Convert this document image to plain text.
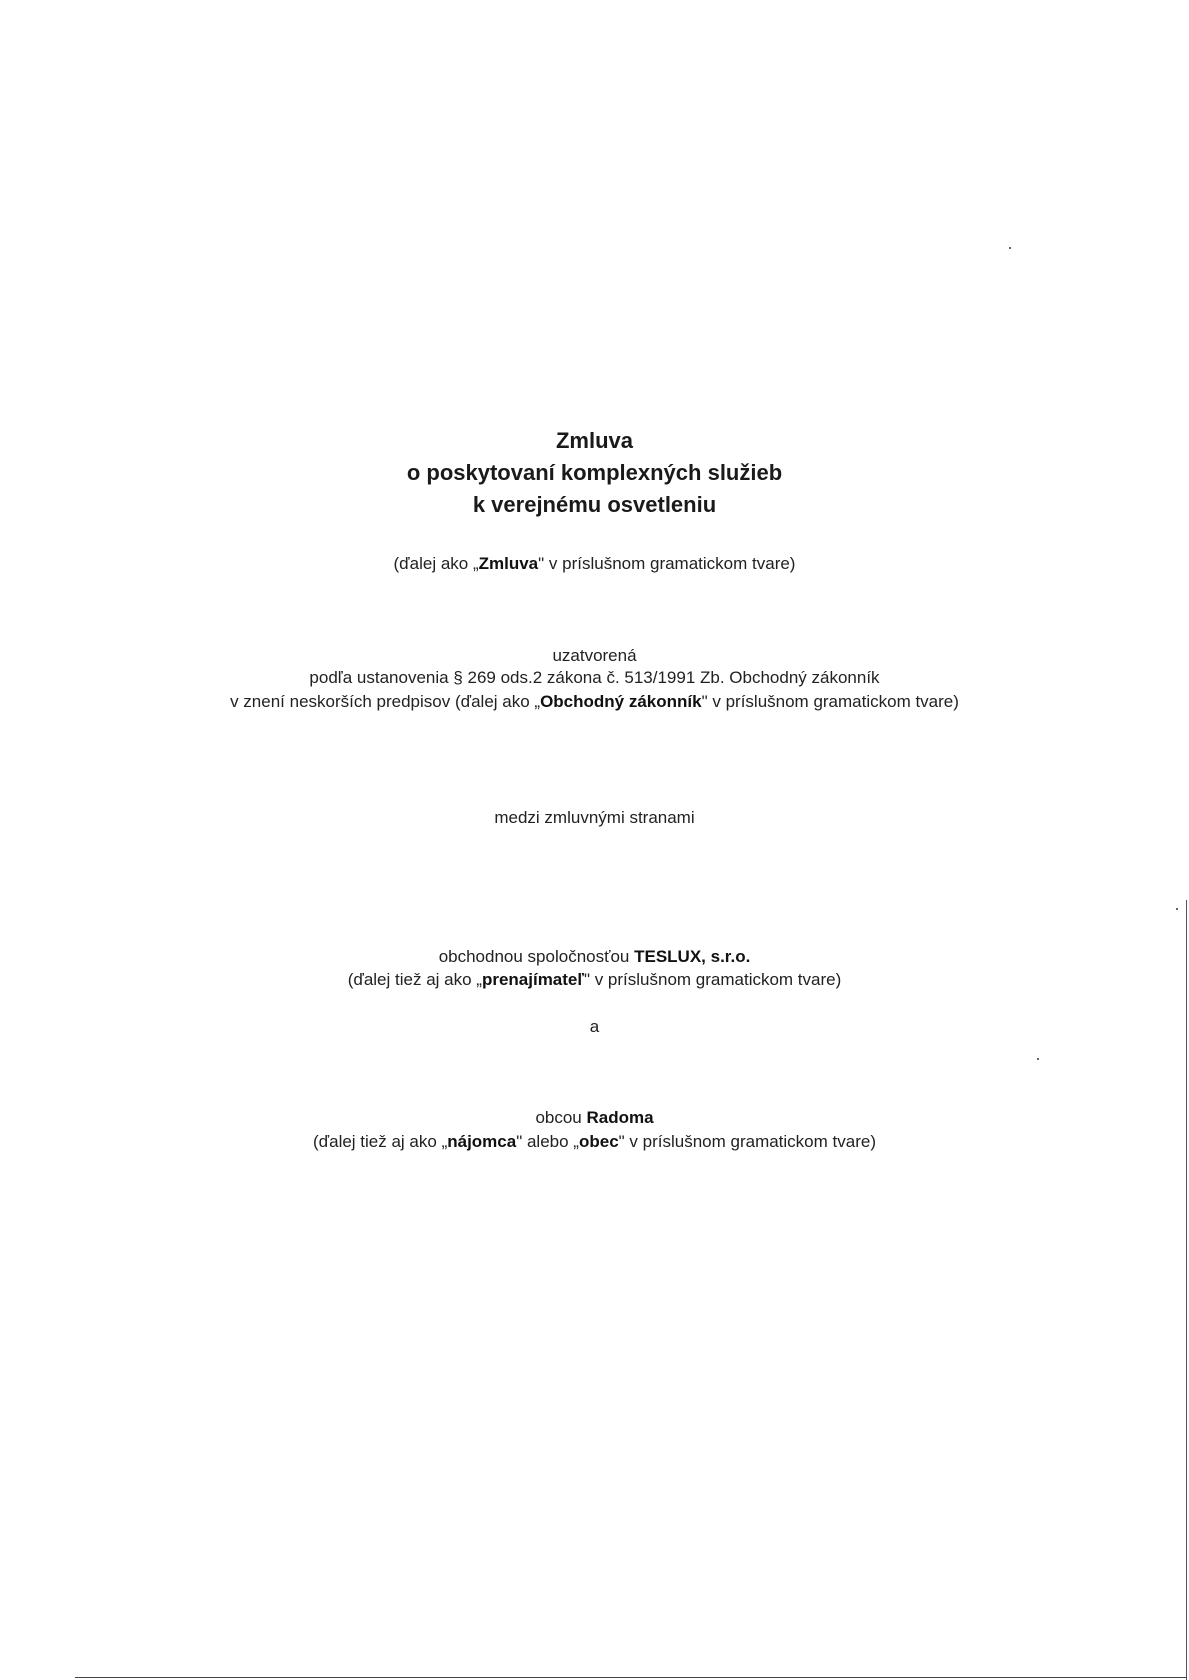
Zmluva
o poskytovaní komplexných služieb
k verejnému osvetleniu
(ďalej ako „Zmluva" v príslušnom gramatickom tvare)
uzatvorená
podľa ustanovenia § 269 ods.2 zákona č. 513/1991 Zb. Obchodný zákonník
v znení neskorších predpisov (ďalej ako „Obchodný zákonník" v príslušnom gramatickom tvare)
medzi zmluvnými stranami
obchodnou spoločnosťou TESLUX, s.r.o.
(ďalej tiež aj ako „prenajímateľ" v príslušnom gramatickom tvare)
a
obcou Radoma
(ďalej tiež aj ako „nájomca" alebo „obec" v príslušnom gramatickom tvare)
